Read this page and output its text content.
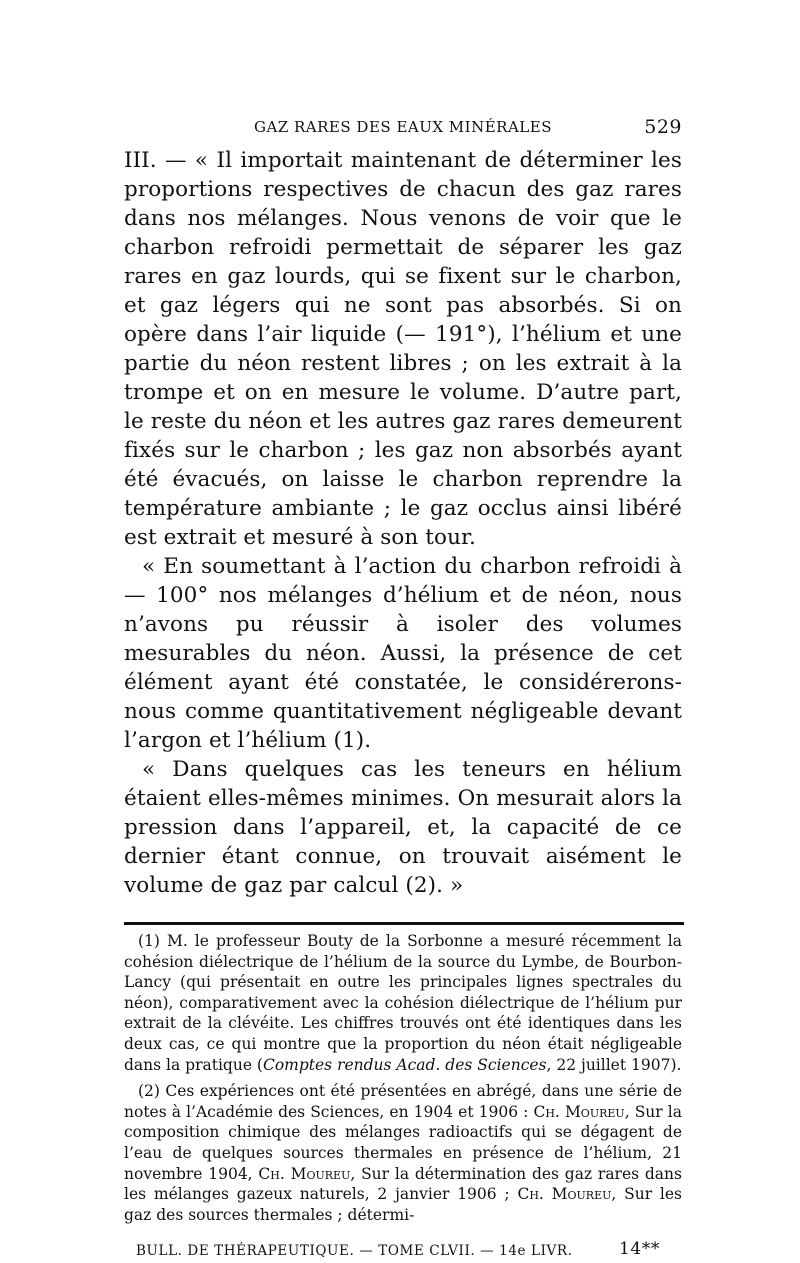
GAZ RARES DES EAUX MINÉRALES	529

III. — « Il importait maintenant de déterminer les proportions respectives de chacun des gaz rares dans nos mélanges. Nous venons de voir que le charbon refroidi permettait de séparer les gaz rares en gaz lourds, qui se fixent sur le charbon, et gaz légers qui ne sont pas absorbés. Si on opère dans l’air liquide (— 191°), l’hélium et une partie du néon restent libres ; on les extrait à la trompe et on en mesure le volume. D’autre part, le reste du néon et les autres gaz rares demeurent fixés sur le charbon ; les gaz non absorbés ayant été évacués, on laisse le charbon reprendre la température ambiante ; le gaz occlus ainsi libéré est extrait et mesuré à son tour.

« En soumettant à l’action du charbon refroidi à — 100° nos mélanges d’hélium et de néon, nous n’avons pu réussir à isoler des volumes mesurables du néon. Aussi, la présence de cet élément ayant été constatée, le considérerons-nous comme quantitativement négligeable devant l’argon et l’hélium (1).

« Dans quelques cas les teneurs en hélium étaient elles-mêmes minimes. On mesurait alors la pression dans l’appareil, et, la capacité de ce dernier étant connue, on trouvait aisément le volume de gaz par calcul (2). »

(1) M. le professeur Bouty de la Sorbonne a mesuré récemment la cohésion diélectrique de l’hélium de la source du Lymbe, de Bourbon-Lancy (qui présentait en outre les principales lignes spectrales du néon), comparativement avec la cohésion diélectrique de l’hélium pur extrait de la clévéite. Les chiffres trouvés ont été identiques dans les deux cas, ce qui montre que la proportion du néon était négligeable dans la pratique (Comptes rendus Acad. des Sciences, 22 juillet 1907).

(2) Ces expériences ont été présentées en abrégé, dans une série de notes à l’Académie des Sciences, en 1904 et 1906 : Ch. Moureu, Sur la composition chimique des mélanges radioactifs qui se dégagent de l’eau de quelques sources thermales en présence de l’hélium, 21 novembre 1904, Ch. Moureu, Sur la détermination des gaz rares dans les mélanges gazeux naturels, 2 janvier 1906 ; Ch. Moureu, Sur les gaz des sources thermales ; détermi-

BULL. DE THÉRAPEUTIQUE. — TOME CLVII. — 14e LIVR.	14**
